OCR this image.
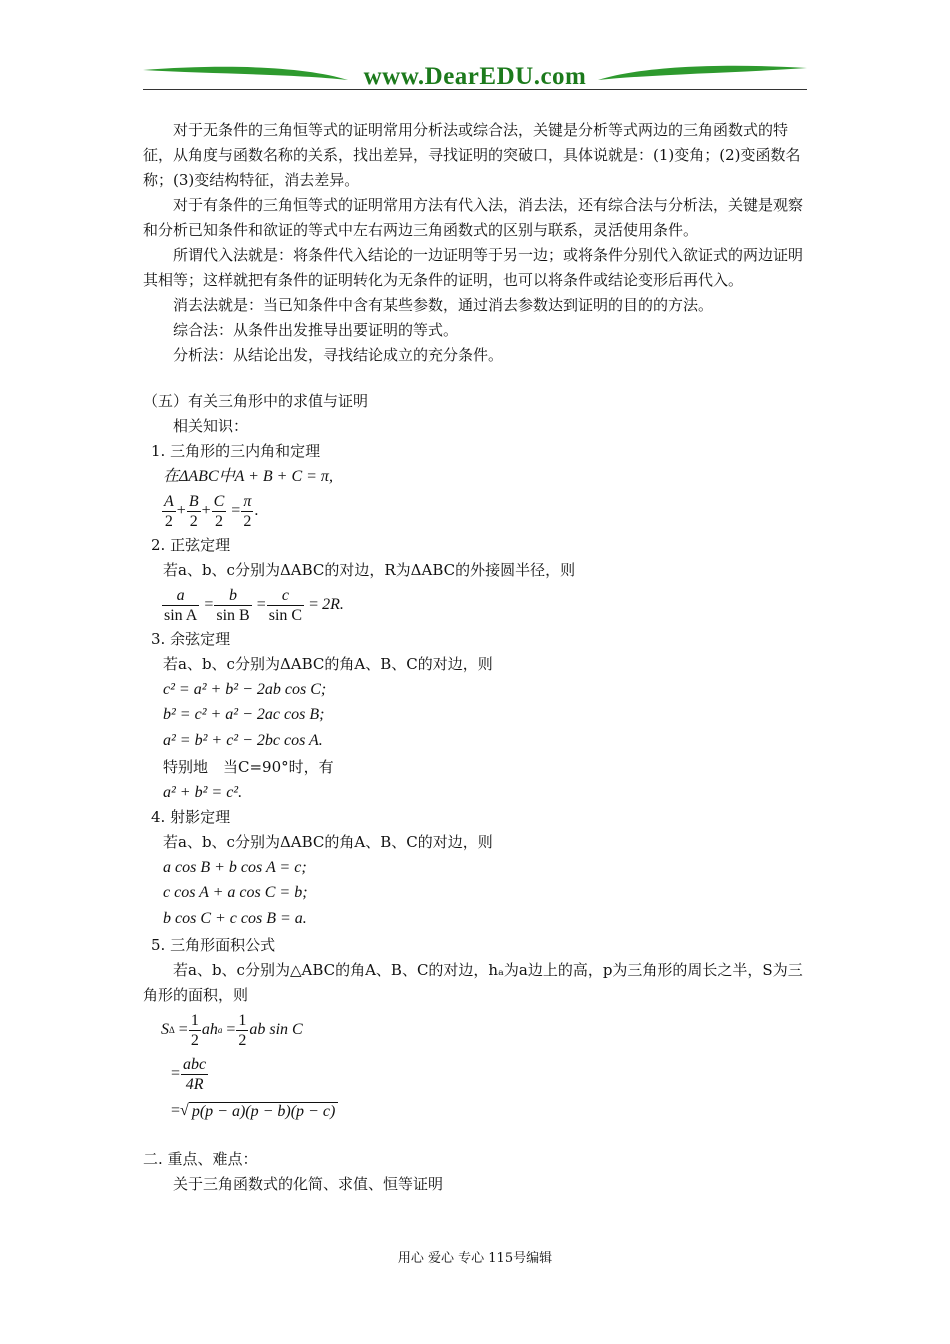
www.DearEDU.com

对于无条件的三角恒等式的证明常用分析法或综合法，关键是分析等式两边的三角函数式的特征，从角度与函数名称的关系，找出差异，寻找证明的突破口，具体说就是：(1)变角；(2)变函数名称；(3)变结构特征，消去差异。

对于有条件的三角恒等式的证明常用方法有代入法，消去法，还有综合法与分析法，关键是观察和分析已知条件和欲证的等式中左右两边三角函数式的区别与联系，灵活使用条件。

所谓代入法就是：将条件代入结论的一边证明等于另一边；或将条件分别代入欲证式的两边证明其相等；这样就把有条件的证明转化为无条件的证明，也可以将条件或结论变形后再代入。

消去法就是：当已知条件中含有某些参数，通过消去参数达到证明的目的的方法。

综合法：从条件出发推导出要证明的等式。

分析法：从结论出发，寻找结论成立的充分条件。

（五）有关三角形中的求值与证明

相关知识：

1. 三角形的三内角和定理

在ΔABC中A + B + C = π,

$\frac{A}{2} + \frac{B}{2} + \frac{C}{2} = \frac{\pi}{2}$ .

2. 正弦定理

若a、b、c分别为ΔABC的对边，R为ΔABC的外接圆半径，则

$\frac{a}{\text{sin A}} = \frac{b}{\text{sin B}} = \frac{c}{\text{sin C}} = 2R$.

3. 余弦定理

若a、b、c分别为ΔABC的角A、B、C的对边，则

c² = a² + b² − 2ab cos C;

b² = c² + a² − 2ac cos B;

a² = b² + c² − 2bc cos A.

特别地　当C=90°时，有

a² + b² = c².

4. 射影定理

若a、b、c分别为ΔABC的角A、B、C的对边，则

a cos B + b cos A = c;

c cos A + a cos C = b;

b cos C + c cos B = a.

5. 三角形面积公式

若a、b、c分别为△ABC的角A、B、C的对边，hₐ为a边上的高，p为三角形的周长之半，S为三角形的面积，则

S $\Delta = \frac{1}{2}$ ah $a = \frac{1}{2}$ ab sin C
= $\frac{\text{abc}}{4R}$
= √ p(p − a)(p − b)(p − c)

二. 重点、难点：

关于三角函数式的化简、求值、恒等证明

用心 爱心 专心 115号编辑
